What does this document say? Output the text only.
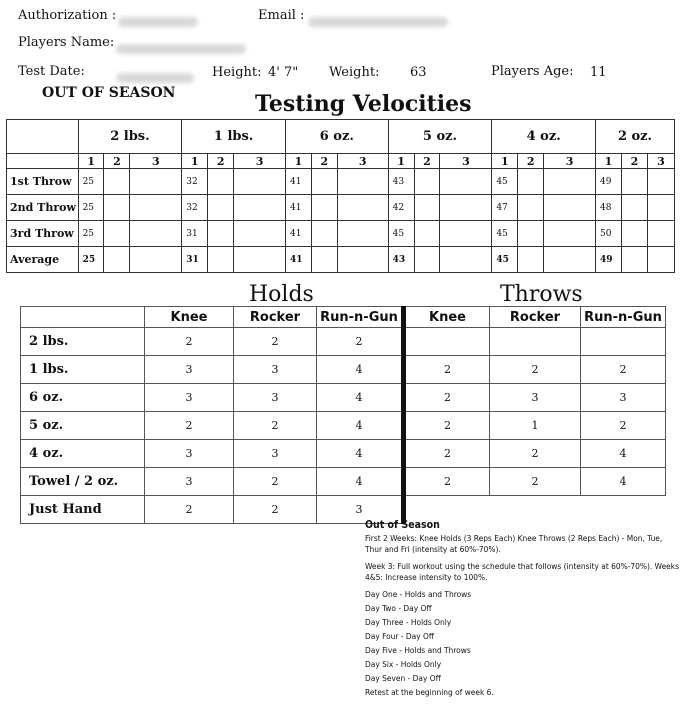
Authorization :	Email :
Players Name:
Test Date:	Height: 4' 7" Weight: 63	Players Age: 11
OUT OF SEASON	Testing Velocities
	2 lbs.			1 lbs.			6 oz.			5 oz.			4 oz.			2 oz.		
	1	2	3	1	2	3	1	2	3	1	2	3	1	2	3	1	2	3
1st Throw	25			32			41			43			45			49		
2nd Throw	25			32			41			42			47			48		
3rd Throw	25			31			41			45			45			50		
Average	25			31			41			43			45			49		
Holds	Throws
	Knee	Rocker	Run-n-Gun	Knee	Rocker	Run-n-Gun
2 lbs.	2	2	2			
1 lbs.	3	3	4	2	2	2
6 oz.	3	3	4	2	3	3
5 oz.	2	2	4	2	1	2
4 oz.	3	3	4	2	2	4
Towel / 2 oz.	3	2	4	2	2	4
Just Hand	2	2	3			
Out of Season
First 2 Weeks: Knee Holds (3 Reps Each) Knee Throws (2 Reps Each) - Mon, Tue, Thur and Fri (intensity at 60%-70%).
Week 3: Full workout using the schedule that follows (intensity at 60%-70%). Weeks 4&5: Increase intensity to 100%.
Day One - Holds and Throws
Day Two - Day Off
Day Three - Holds Only
Day Four - Day Off
Day Five - Holds and Throws
Day Six - Holds Only
Day Seven - Day Off
Retest at the beginning of week 6.
